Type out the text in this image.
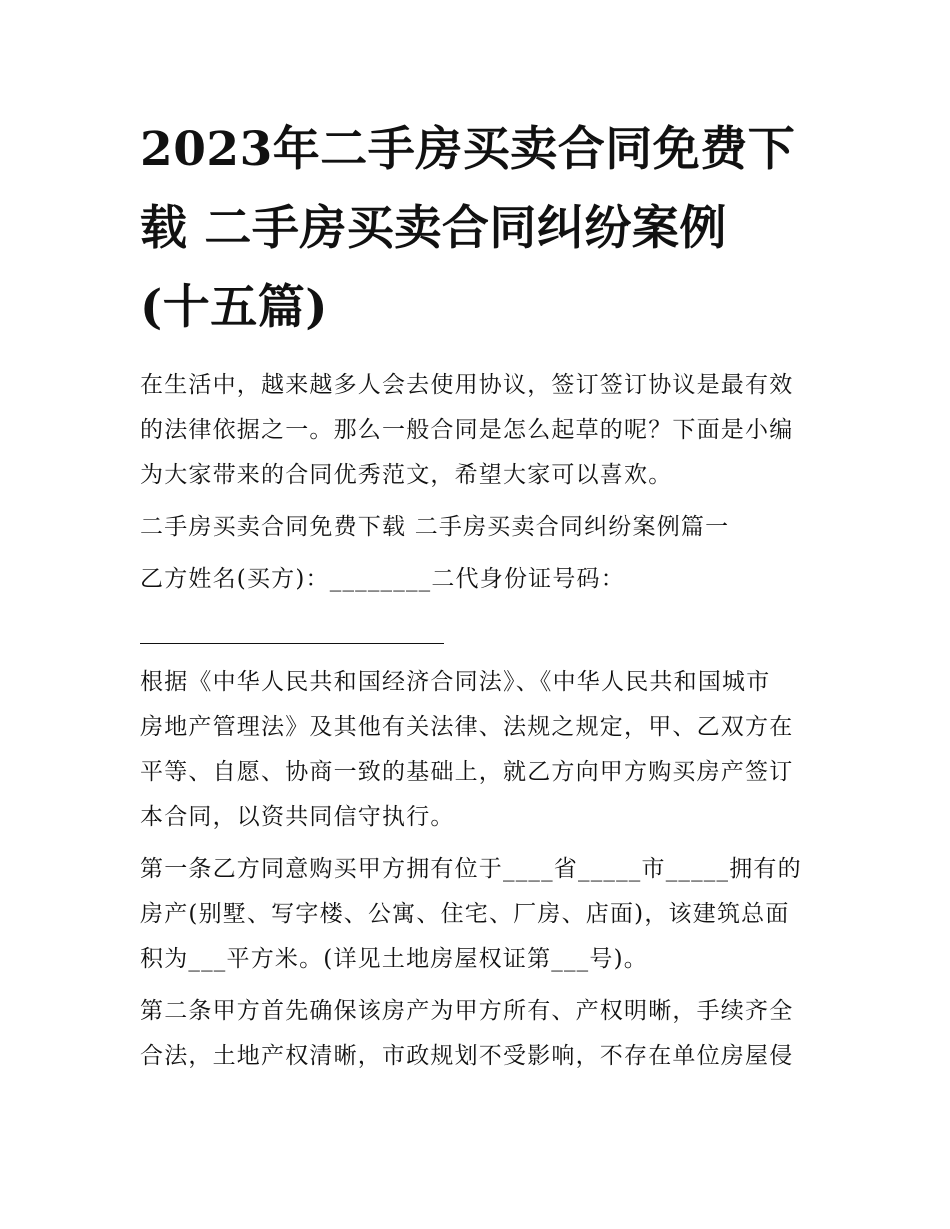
2023年二手房买卖合同免费下
载 二手房买卖合同纠纷案例
(十五篇)

在生活中，越来越多人会去使用协议，签订签订协议是最有效
的法律依据之一。那么一般合同是怎么起草的呢？下面是小编
为大家带来的合同优秀范文，希望大家可以喜欢。

二手房买卖合同免费下载 二手房买卖合同纠纷案例篇一

乙方姓名(买方)：________二代身份证号码：

根据《中华人民共和国经济合同法》、《中华人民共和国城市
房地产管理法》及其他有关法律、法规之规定，甲、乙双方在
平等、自愿、协商一致的基础上，就乙方向甲方购买房产签订
本合同，以资共同信守执行。

第一条乙方同意购买甲方拥有位于____省_____市_____拥有的
房产(别墅、写字楼、公寓、住宅、厂房、店面)，该建筑总面
积为___平方米。(详见土地房屋权证第___号)。

第二条甲方首先确保该房产为甲方所有、产权明晰，手续齐全
合法，土地产权清晰，市政规划不受影响，不存在单位房屋侵
